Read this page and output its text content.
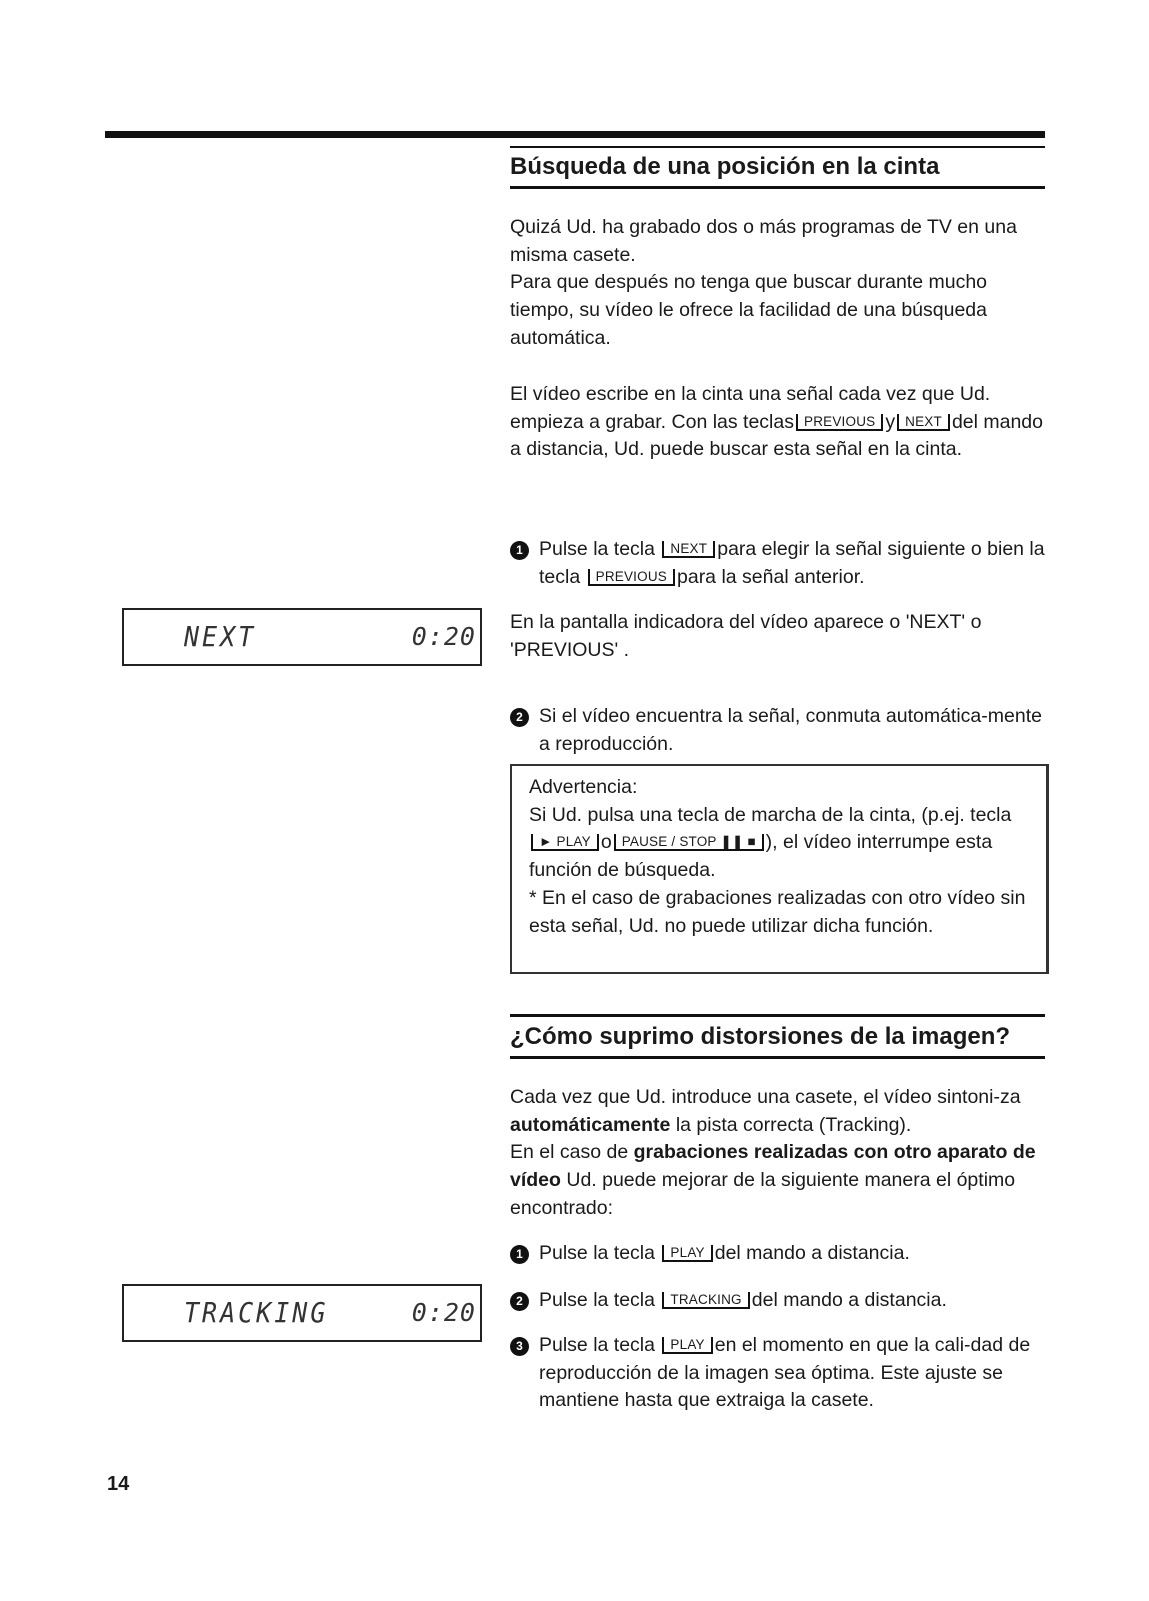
Búsqueda de una posición en la cinta

Quizá Ud. ha grabado dos o más programas de TV en una misma casete.

Para que después no tenga que buscar durante mucho tiempo, su vídeo le ofrece la facilidad de una búsqueda automática.

El vídeo escribe en la cinta una señal cada vez que Ud. empieza a grabar. Con las teclas PREVIOUS y NEXT del mando a distancia, Ud. puede buscar esta señal en la cinta.

1 Pulse la tecla NEXT para elegir la señal siguiente o bien la tecla PREVIOUS para la señal anterior.

NEXT	0:20 En la pantalla indicadora del vídeo aparece o 'NEXT' o 'PREVIOUS' .

2 Si el vídeo encuentra la señal, conmuta automática-mente a reproducción.

Advertencia:

Si Ud. pulsa una tecla de marcha de la cinta, (p.ej. tecla► PLAY o PAUSE / STOP ❚❚ ■ ), el vídeo interrumpe esta función de búsqueda.

* En el caso de grabaciones realizadas con otro vídeo sin esta señal, Ud. no puede utilizar dicha función.

¿Cómo suprimo distorsiones de la imagen?

Cada vez que Ud. introduce una casete, el vídeo sintoni-za automáticamente la pista correcta (Tracking).

En el caso de grabaciones realizadas con otro aparato de vídeo Ud. puede mejorar de la siguiente manera el óptimo encontrado:

1 Pulse la tecla PLAY del mando a distancia.

2 Pulse la tecla TRACKING del mando a distancia.

3 Pulse la tecla PLAY en el momento en que la cali-dad de reproducción de la imagen sea óptima. Este ajuste se mantiene hasta que extraiga la casete.

TRACKING	0:20
14
